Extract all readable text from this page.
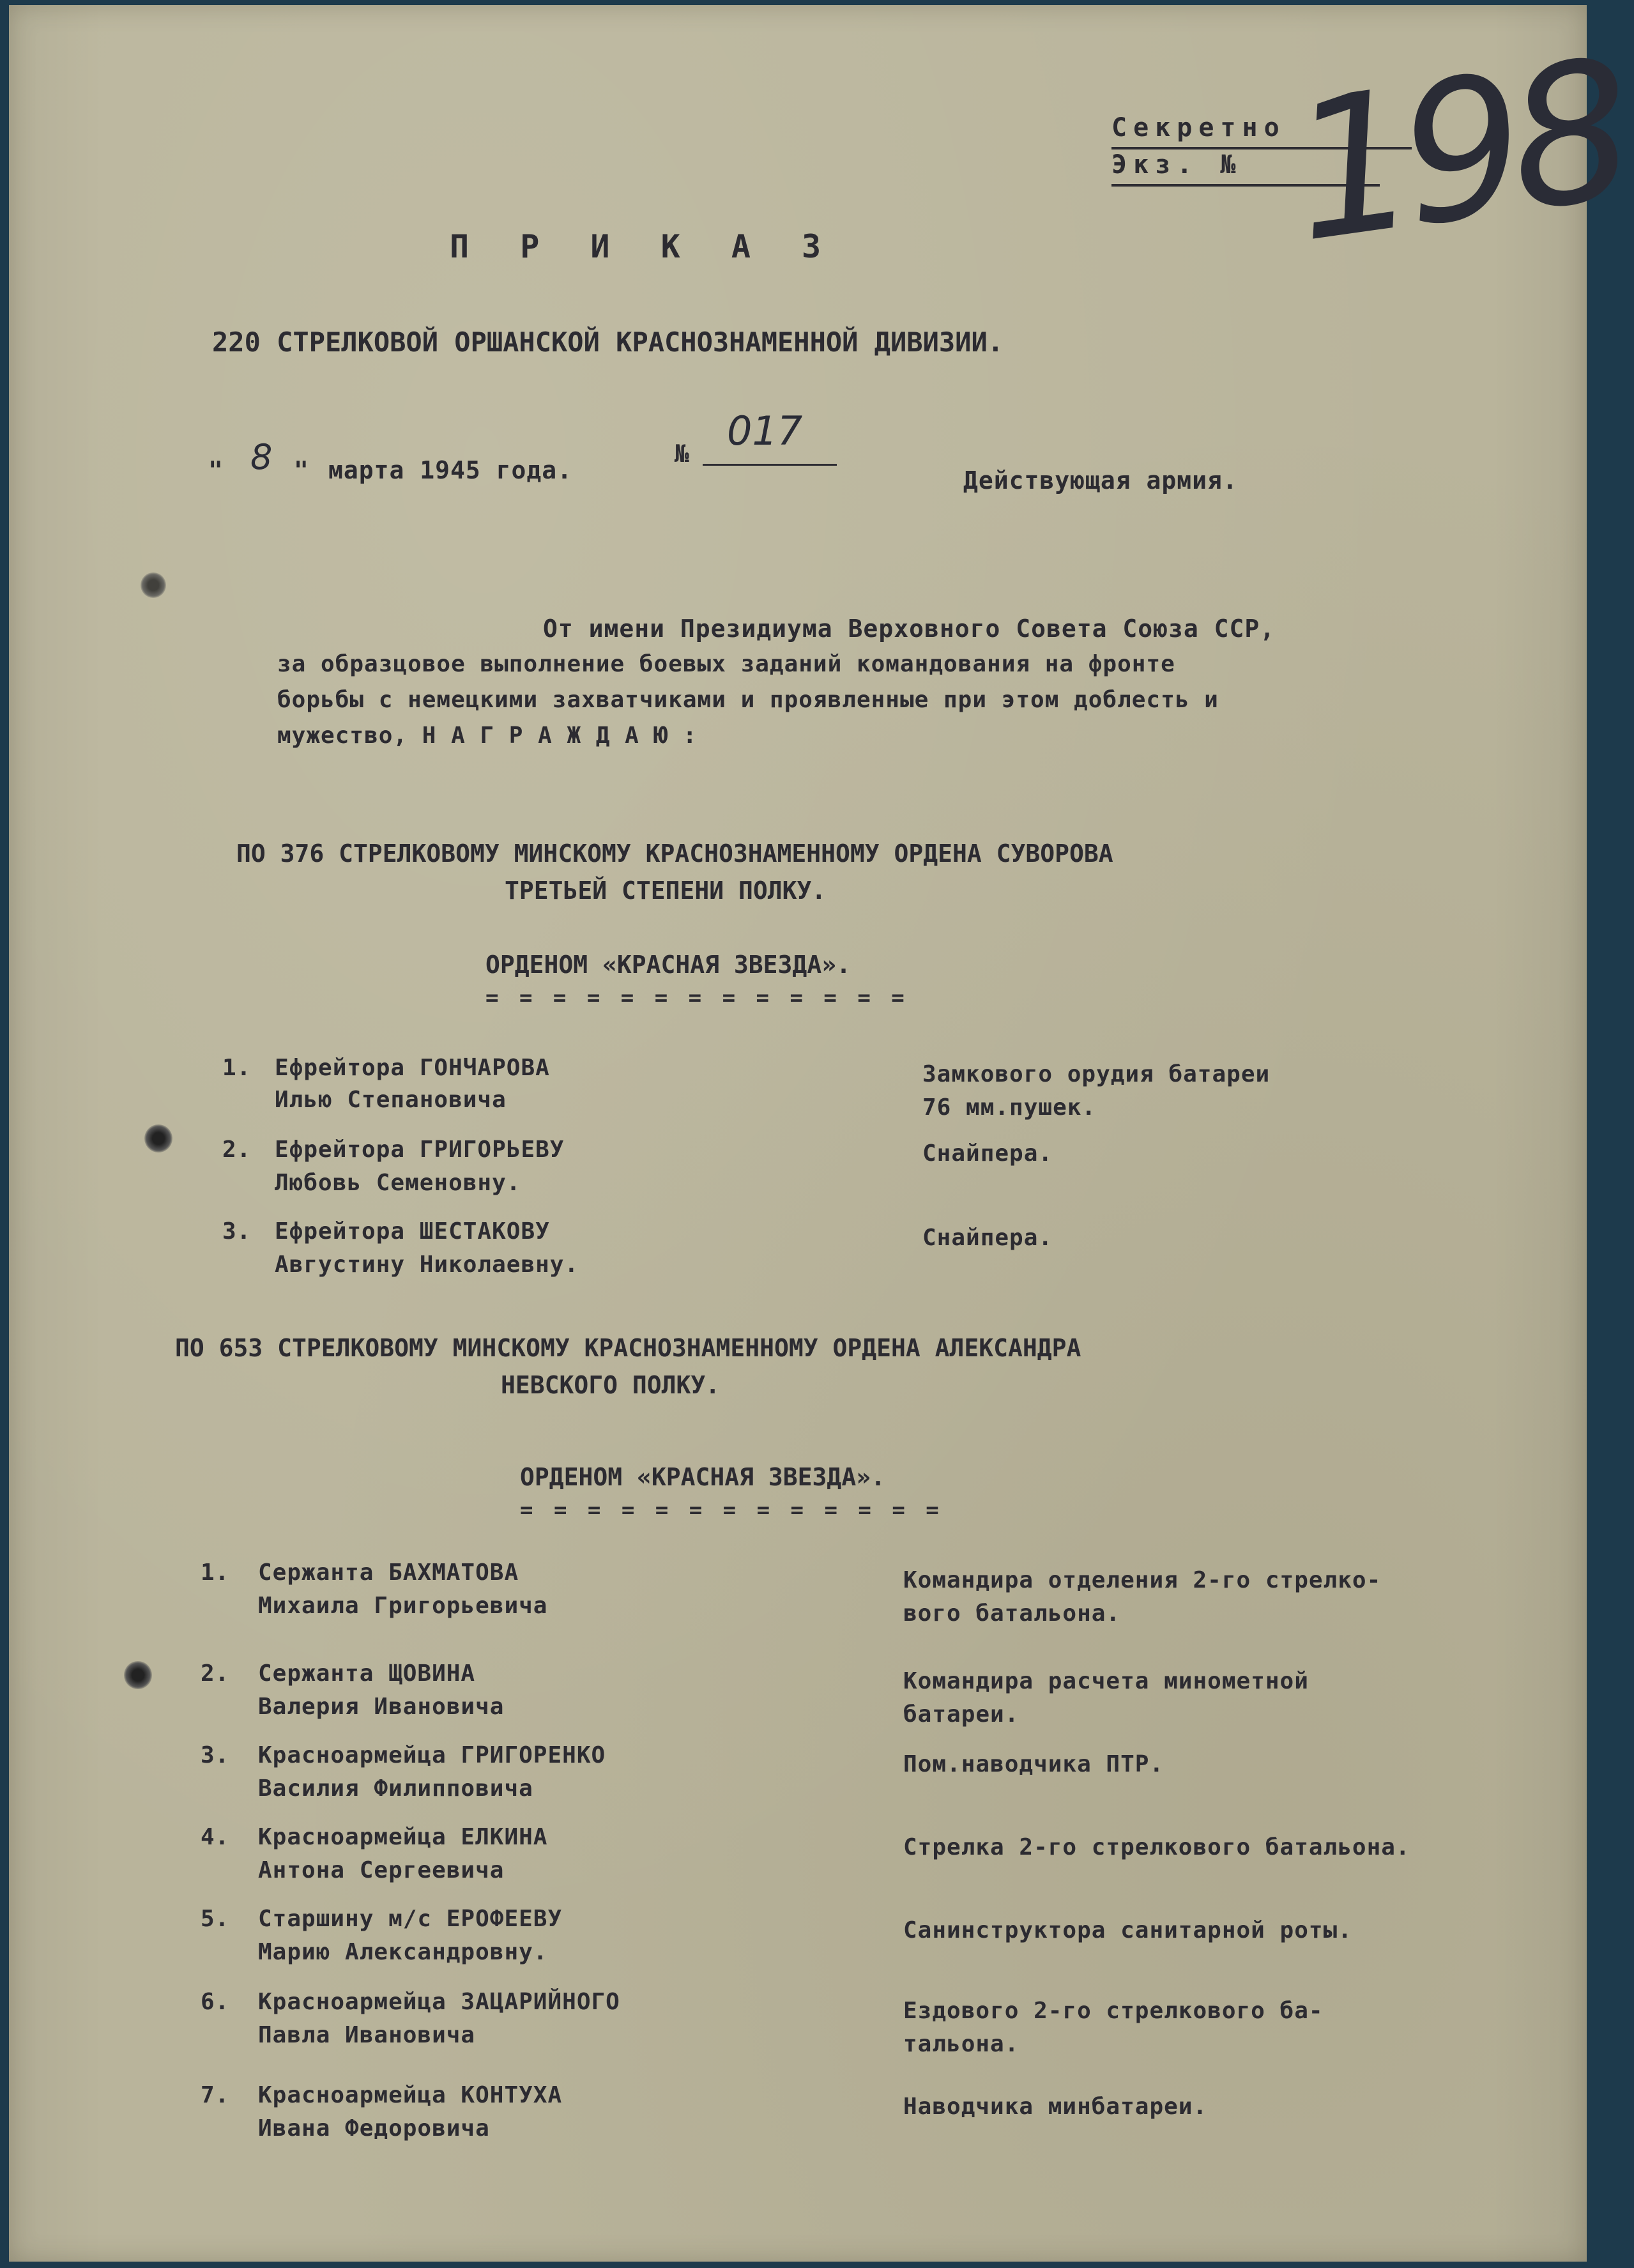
Секретно
Экз. № 198
П Р И К А З
220 СТРЕЛКОВОЙ ОРШАНСКОЙ КРАСНОЗНАМЕННОЙ ДИВИЗИИ.
" 8 " марта 1945 года.
№ 017
Действующая армия.
От имени Президиума Верховного Совета Союза ССР,
за образцовое выполнение боевых заданий командования на фронте
борьбы с немецкими захватчиками и проявленные при этом доблесть и
мужество, Н А Г Р А Ж Д А Ю :
ПО 376 СТРЕЛКОВОМУ МИНСКОМУ КРАСНОЗНАМЕННОМУ ОРДЕНА СУВОРОВА
ТРЕТЬЕЙ СТЕПЕНИ ПОЛКУ.
ОРДЕНОМ «КРАСНАЯ ЗВЕЗДА».
= = = = = = = = = = = = =
1. Ефрейтора ГОНЧАРОВА
Илью Степановича
Замкового орудия батареи
76 мм.пушек.
2. Ефрейтора ГРИГОРЬЕВУ
Любовь Семеновну.
Снайпера.
3. Ефрейтора ШЕСТАКОВУ
Августину Николаевну.
Снайпера.
ПО 653 СТРЕЛКОВОМУ МИНСКОМУ КРАСНОЗНАМЕННОМУ ОРДЕНА АЛЕКСАНДРА
НЕВСКОГО ПОЛКУ.
ОРДЕНОМ «КРАСНАЯ ЗВЕЗДА».
= = = = = = = = = = = = =
1. Сержанта БАХМАТОВА
Михаила Григорьевича
Командира отделения 2-го стрелко-
вого батальона.
2. Сержанта ЩОВИНА
Валерия Ивановича
Командира расчета минометной
батареи.
3. Красноармейца ГРИГОРЕНКО
Василия Филипповича
Пом.наводчика ПТР.
4. Красноармейца ЕЛКИНА
Антона Сергеевича
Стрелка 2-го стрелкового батальона.
5. Старшину м/с ЕРОФЕЕВУ
Марию Александровну.
Санинструктора санитарной роты.
6. Красноармейца ЗАЦАРИЙНОГО
Павла Ивановича
Ездового 2-го стрелкового ба-
тальона.
7. Красноармейца КОНТУХА
Ивана Федоровича
Наводчика минбатареи.
